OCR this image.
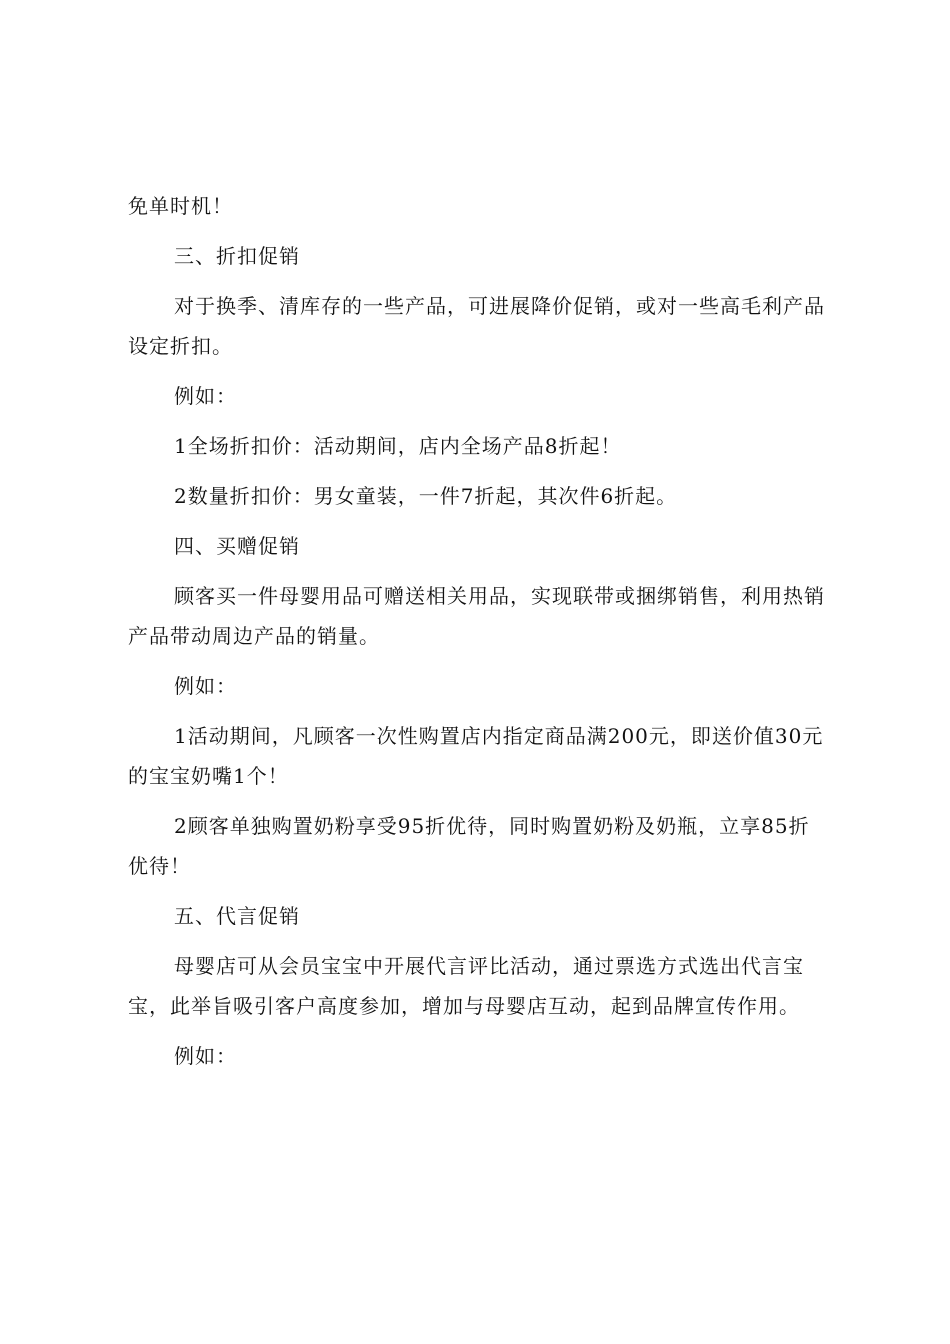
免单时机！

三、折扣促销

对于换季、清库存的一些产品，可进展降价促销，或对一些高毛利产品设定折扣。

例如：

1全场折扣价：活动期间，店内全场产品8折起！

2数量折扣价：男女童装，一件7折起，其次件6折起。

四、买赠促销

顾客买一件母婴用品可赠送相关用品，实现联带或捆绑销售，利用热销产品带动周边产品的销量。

例如：

1活动期间，凡顾客一次性购置店内指定商品满200元，即送价值30元的宝宝奶嘴1个！

2顾客单独购置奶粉享受95折优待，同时购置奶粉及奶瓶，立享85折优待！

五、代言促销

母婴店可从会员宝宝中开展代言评比活动，通过票选方式选出代言宝宝，此举旨吸引客户高度参加，增加与母婴店互动，起到品牌宣传作用。

例如：
